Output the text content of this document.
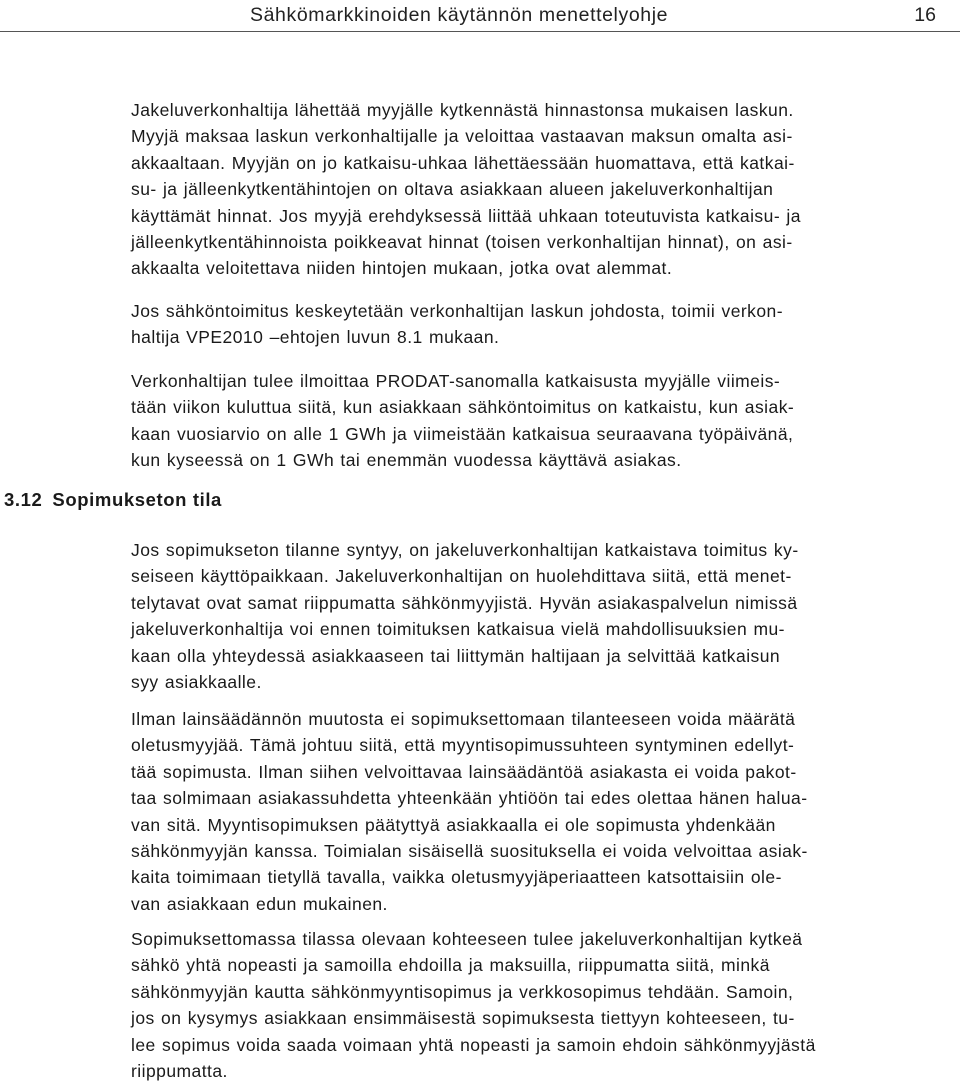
Sähkömarkkinoiden käytännön menettelyohje	16

Jakeluverkonhaltija lähettää myyjälle kytkennästä hinnastonsa mukaisen laskun.
Myyjä maksaa laskun verkonhaltijalle ja veloittaa vastaavan maksun omalta asi-
akkaaltaan. Myyjän on jo katkaisu-uhkaa lähettäessään huomattava, että katkai-
su- ja jälleenkytkentähintojen on oltava asiakkaan alueen jakeluverkonhaltijan
käyttämät hinnat. Jos myyjä erehdyksessä liittää uhkaan toteutuvista katkaisu- ja
jälleenkytkentähinnoista poikkeavat hinnat (toisen verkonhaltijan hinnat), on asi-
akkaalta veloitettava niiden hintojen mukaan, jotka ovat alemmat.

Jos sähköntoimitus keskeytetään verkonhaltijan laskun johdosta, toimii verkon-
haltija VPE2010 –ehtojen luvun 8.1 mukaan.

Verkonhaltijan tulee ilmoittaa PRODAT-sanomalla katkaisusta myyjälle viimeis-
tään viikon kuluttua siitä, kun asiakkaan sähköntoimitus on katkaistu, kun asiak-
kaan vuosiarvio on alle 1 GWh ja viimeistään katkaisua seuraavana työpäivänä,
kun kyseessä on 1 GWh tai enemmän vuodessa käyttävä asiakas.

3.12 Sopimukseton tila

Jos sopimukseton tilanne syntyy, on jakeluverkonhaltijan katkaistava toimitus ky-
seiseen käyttöpaikkaan. Jakeluverkonhaltijan on huolehdittava siitä, että menet-
telytavat ovat samat riippumatta sähkönmyyjistä. Hyvän asiakaspalvelun nimissä
jakeluverkonhaltija voi ennen toimituksen katkaisua vielä mahdollisuuksien mu-
kaan olla yhteydessä asiakkaaseen tai liittymän haltijaan ja selvittää katkaisun
syy asiakkaalle.

Ilman lainsäädännön muutosta ei sopimuksettomaan tilanteeseen voida määrätä
oletusmyyjää. Tämä johtuu siitä, että myyntisopimussuhteen syntyminen edellyt-
tää sopimusta. Ilman siihen velvoittavaa lainsäädäntöä asiakasta ei voida pakot-
taa solmimaan asiakassuhdetta yhteenkään yhtiöön tai edes olettaa hänen halua-
van sitä. Myyntisopimuksen päätyttyä asiakkaalla ei ole sopimusta yhdenkään
sähkönmyyjän kanssa. Toimialan sisäisellä suosituksella ei voida velvoittaa asiak-
kaita toimimaan tietyllä tavalla, vaikka oletusmyyjäperiaatteen katsottaisiin ole-
van asiakkaan edun mukainen.

Sopimuksettomassa tilassa olevaan kohteeseen tulee jakeluverkonhaltijan kytkeä
sähkö yhtä nopeasti ja samoilla ehdoilla ja maksuilla, riippumatta siitä, minkä
sähkönmyyjän kautta sähkönmyyntisopimus ja verkkosopimus tehdään. Samoin,
jos on kysymys asiakkaan ensimmäisestä sopimuksesta tiettyyn kohteeseen, tu-
lee sopimus voida saada voimaan yhtä nopeasti ja samoin ehdoin sähkönmyyjästä
riippumatta.
